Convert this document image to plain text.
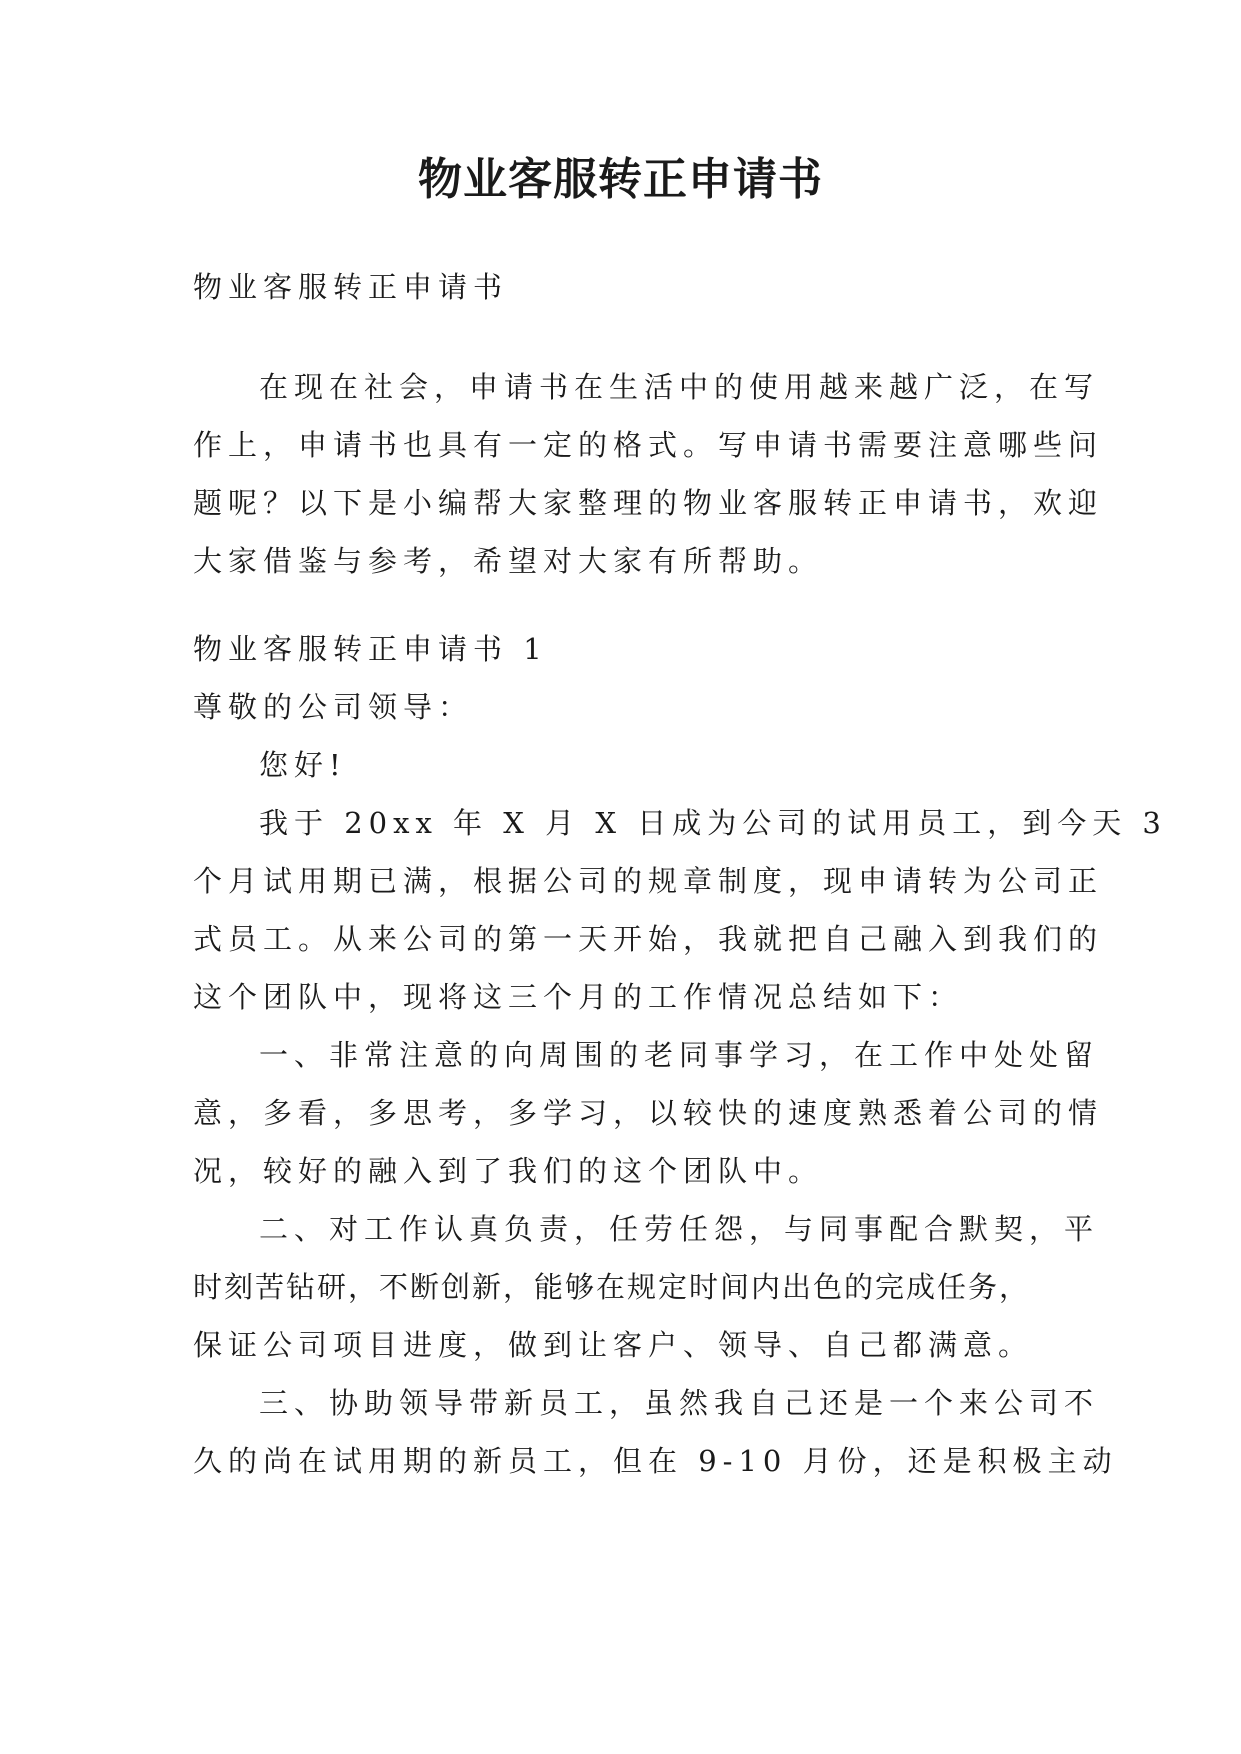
物业客服转正申请书

物业客服转正申请书

在现在社会，申请书在生活中的使用越来越广泛，在写

作上，申请书也具有一定的格式。写申请书需要注意哪些问

题呢？以下是小编帮大家整理的物业客服转正申请书，欢迎

大家借鉴与参考，希望对大家有所帮助。

物业客服转正申请书 1

尊敬的公司领导：

您好!

我于 20xx 年 X 月 X 日成为公司的试用员工，到今天 3

个月试用期已满，根据公司的规章制度，现申请转为公司正

式员工。从来公司的第一天开始，我就把自己融入到我们的

这个团队中，现将这三个月的工作情况总结如下：

一、非常注意的向周围的老同事学习，在工作中处处留

意，多看，多思考，多学习，以较快的速度熟悉着公司的情

况，较好的融入到了我们的这个团队中。

二、对工作认真负责，任劳任怨，与同事配合默契，平

时刻苦钻研，不断创新，能够在规定时间内出色的完成任务，

保证公司项目进度，做到让客户、领导、自己都满意。

三、协助领导带新员工，虽然我自己还是一个来公司不

久的尚在试用期的新员工，但在 9-10 月份，还是积极主动
